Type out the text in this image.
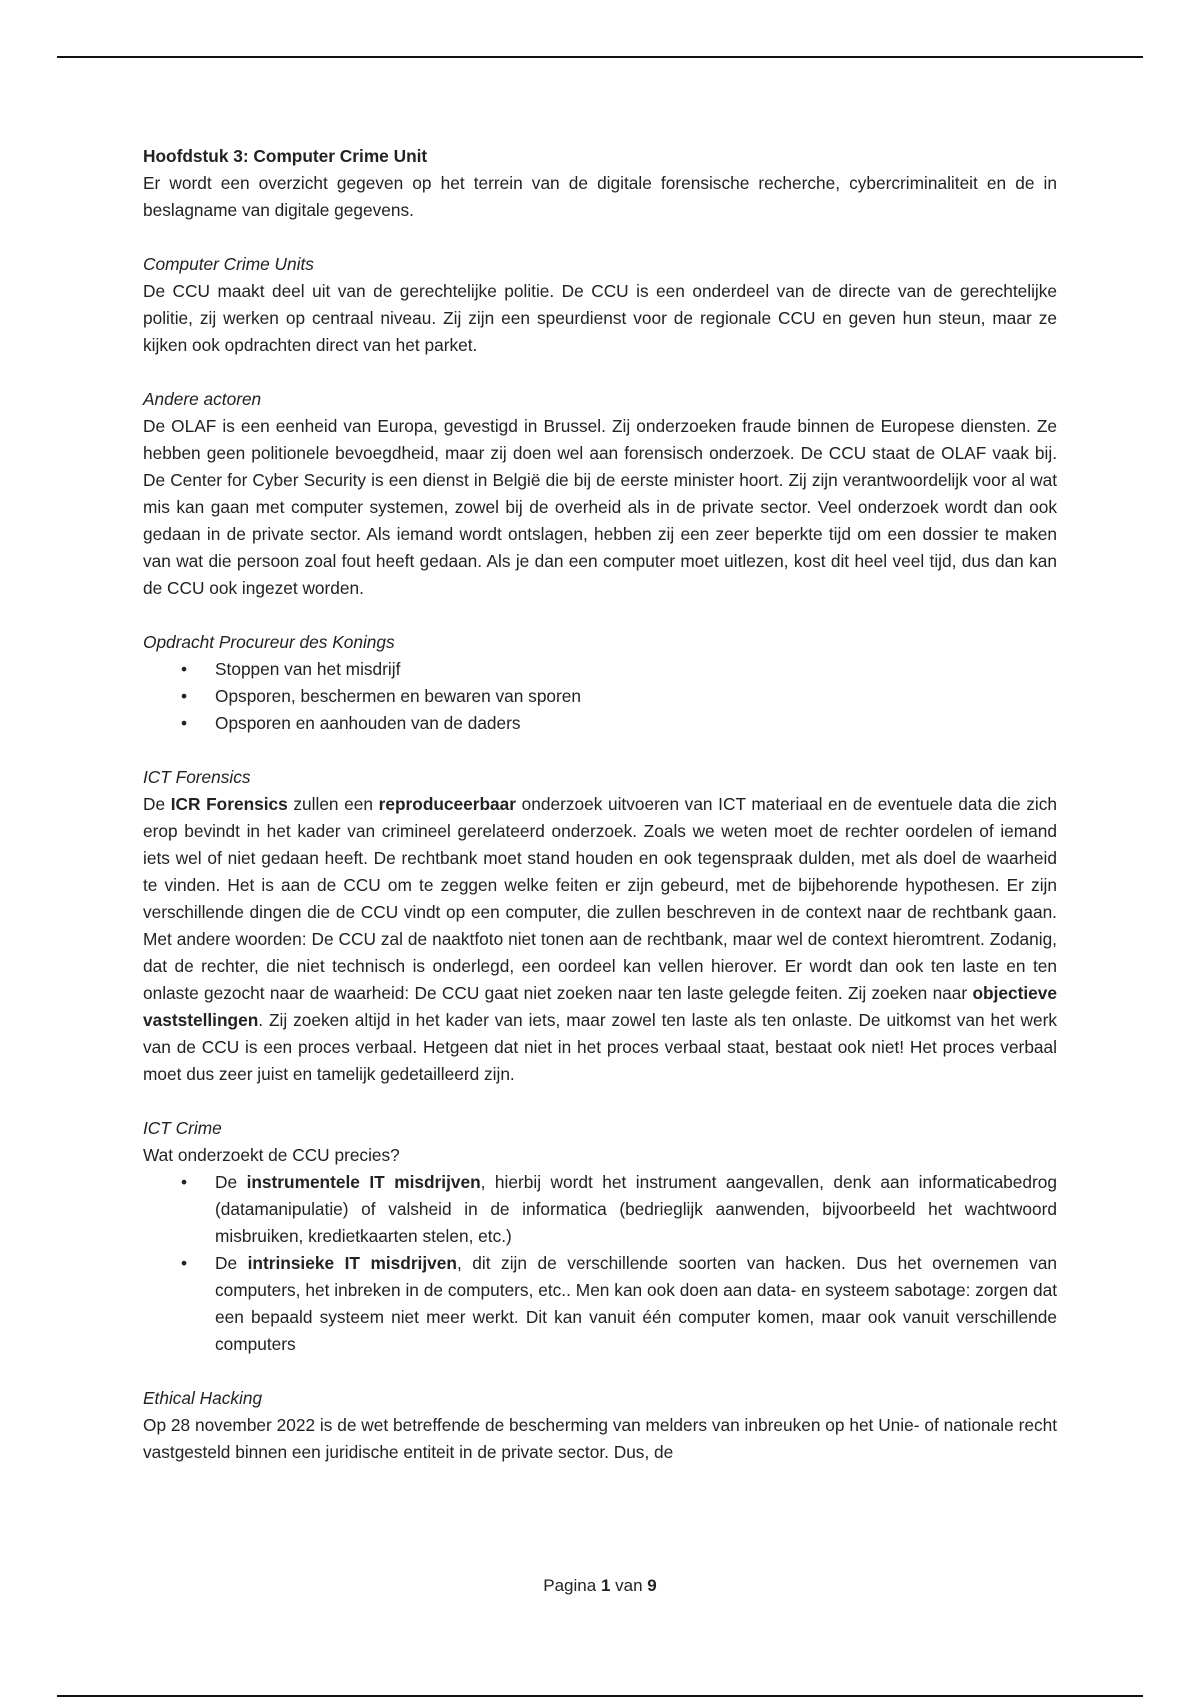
Hoofdstuk 3: Computer Crime Unit

Er wordt een overzicht gegeven op het terrein van de digitale forensische recherche, cybercriminaliteit en de in beslagname van digitale gegevens.

Computer Crime Units

De CCU maakt deel uit van de gerechtelijke politie. De CCU is een onderdeel van de directe van de gerechtelijke politie, zij werken op centraal niveau. Zij zijn een speurdienst voor de regionale CCU en geven hun steun, maar ze kijken ook opdrachten direct van het parket.

Andere actoren

De OLAF is een eenheid van Europa, gevestigd in Brussel. Zij onderzoeken fraude binnen de Europese diensten. Ze hebben geen politionele bevoegdheid, maar zij doen wel aan forensisch onderzoek. De CCU staat de OLAF vaak bij. De Center for Cyber Security is een dienst in België die bij de eerste minister hoort. Zij zijn verantwoordelijk voor al wat mis kan gaan met computer systemen, zowel bij de overheid als in de private sector. Veel onderzoek wordt dan ook gedaan in de private sector. Als iemand wordt ontslagen, hebben zij een zeer beperkte tijd om een dossier te maken van wat die persoon zoal fout heeft gedaan. Als je dan een computer moet uitlezen, kost dit heel veel tijd, dus dan kan de CCU ook ingezet worden.

Opdracht Procureur des Konings

• Stoppen van het misdrijf
• Opsporen, beschermen en bewaren van sporen
• Opsporen en aanhouden van de daders

ICT Forensics

De ICR Forensics zullen een reproduceerbaar onderzoek uitvoeren van ICT materiaal en de eventuele data die zich erop bevindt in het kader van crimineel gerelateerd onderzoek. Zoals we weten moet de rechter oordelen of iemand iets wel of niet gedaan heeft. De rechtbank moet stand houden en ook tegenspraak dulden, met als doel de waarheid te vinden. Het is aan de CCU om te zeggen welke feiten er zijn gebeurd, met de bijbehorende hypothesen. Er zijn verschillende dingen die de CCU vindt op een computer, die zullen beschreven in de context naar de rechtbank gaan. Met andere woorden: De CCU zal de naaktfoto niet tonen aan de rechtbank, maar wel de context hieromtrent. Zodanig, dat de rechter, die niet technisch is onderlegd, een oordeel kan vellen hierover. Er wordt dan ook ten laste en ten onlaste gezocht naar de waarheid: De CCU gaat niet zoeken naar ten laste gelegde feiten. Zij zoeken naar objectieve vaststellingen. Zij zoeken altijd in het kader van iets, maar zowel ten laste als ten onlaste. De uitkomst van het werk van de CCU is een proces verbaal. Hetgeen dat niet in het proces verbaal staat, bestaat ook niet! Het proces verbaal moet dus zeer juist en tamelijk gedetailleerd zijn.

ICT Crime

Wat onderzoekt de CCU precies?

• De instrumentele IT misdrijven, hierbij wordt het instrument aangevallen, denk aan informaticabedrog (datamanipulatie) of valsheid in de informatica (bedrieglijk aanwenden, bijvoorbeeld het wachtwoord misbruiken, kredietkaarten stelen, etc.)
• De intrinsieke IT misdrijven, dit zijn de verschillende soorten van hacken. Dus het overnemen van computers, het inbreken in de computers, etc.. Men kan ook doen aan data- en systeem sabotage: zorgen dat een bepaald systeem niet meer werkt. Dit kan vanuit één computer komen, maar ook vanuit verschillende computers

Ethical Hacking

Op 28 november 2022 is de wet betreffende de bescherming van melders van inbreuken op het Unie- of nationale recht vastgesteld binnen een juridische entiteit in de private sector. Dus, de

Pagina 1 van 9
